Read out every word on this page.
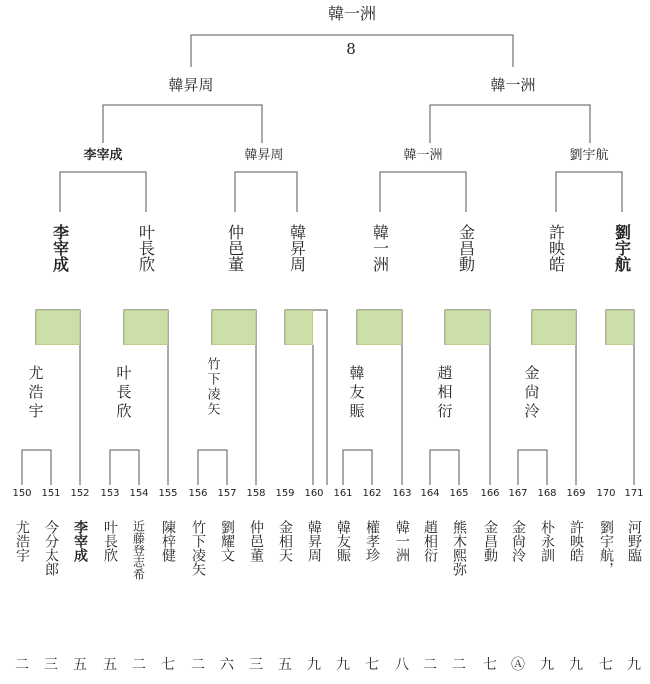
韓一洲
8
韓昇周	韓一洲
李宰成	韓昇周	韓一洲	劉宇航
李宰成	叶長欣	仲邑董	韓昇周	韓一洲	金昌動	許映皓	劉宇航
尤浩宇	叶長欣	竹下凌矢	韓友賑	趙相衍	金尙泠
150 151 152 153 154 155 156 157 158 159 160 161 162 163 164 165 166 167 168 169 170 171
尤浩宇 今分太郎 李宰成 叶長欣 近藤登志希 陳梓健 竹下凌矢 劉耀文 仲邑董 金相天 韓昇周 韓友賑 權孝珍 韓一洲 趙相衍 熊木熙弥 金昌動 金尙泠 朴永訓 許映皓 劉宇航， 河野臨
二 三 五 五 二 七 二 六 三 五 九 九 七 八 二 二 七 Ⓐ 九 九 七 九
